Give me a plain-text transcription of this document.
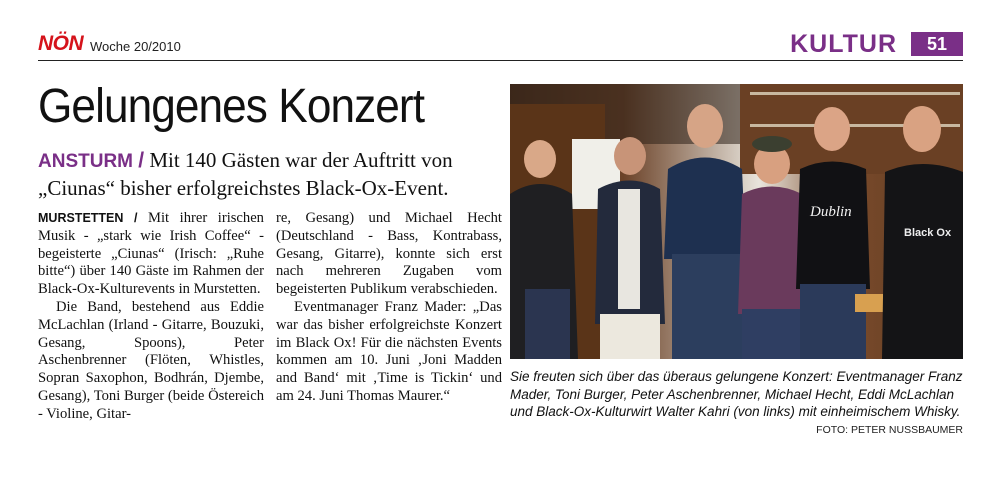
NÖN Woche 20/2010	KULTUR	51
Gelungenes Konzert
ANSTURM / Mit 140 Gästen war der Auftritt von „Ciunas“ bisher erfolgreichstes Black-Ox-Event.

MURSTETTEN / Mit ihrer irischen Musik - „stark wie Irish Coffee“ - begeisterte „Ciunas“ (Irisch: „Ruhe bitte“) über 140 Gäste im Rahmen der Black-Ox-Kulturevents in Murstetten.

Die Band, bestehend aus Eddie McLachlan (Irland - Gitarre, Bouzuki, Gesang, Spoons), Peter Aschenbrenner (Flöten, Whistles, Sopran Saxophon, Bodhrán, Djembe, Gesang), Toni Burger (beide Östereich - Violine, Gitar-

re, Gesang) und Michael Hecht (Deutschland - Bass, Kontrabass, Gesang, Gitarre), konnte sich erst nach mehreren Zugaben vom begeisterten Publikum verabschieden.

Eventmanager Franz Mader: „Das war das bisher erfolgreichste Konzert im Black Ox! Für die nächsten Events kommen am 10. Juni ‚Joni Madden and Band‘ mit ‚Time is Tickin‘ und am 24. Juni Thomas Maurer.“

Dublin
Black Ox
Sie freuten sich über das überaus gelungene Konzert: Eventmanager Franz Mader, Toni Burger, Peter Aschenbrenner, Michael Hecht, Eddi McLachlan und Black-Ox-Kulturwirt Walter Kahri (von links) mit einheimischem Whisky.
FOTO: PETER NUSSBAUMER
